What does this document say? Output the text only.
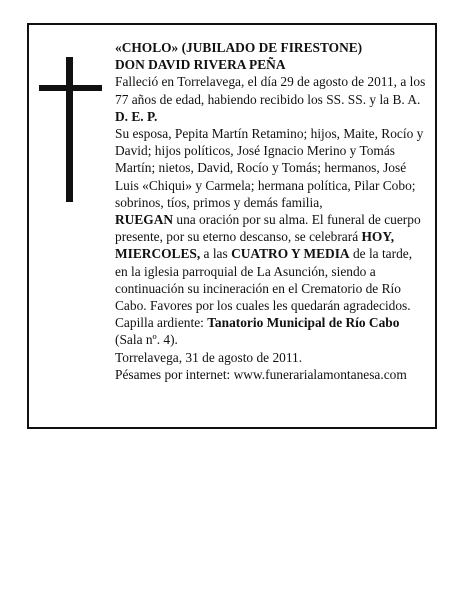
«CHOLO» (JUBILADO DE FIRESTONE)

DON DAVID RIVERA PEÑA

Falleció en Torrelavega, el día 29 de agosto de 2011, a los

77 años de edad, habiendo recibido los SS. SS. y la B. A.

D. E. P.

Su esposa, Pepita Martín Retamino; hijos, Maite, Rocío y David; hijos políticos, José Ignacio Merino y Tomás Martín; nietos, David, Rocío y Tomás; hermanos, José Luis «Chiqui» y Carmela; hermana política, Pilar Cobo; sobrinos, tíos, primos y demás familia,

RUEGAN una oración por su alma. El funeral de cuerpo presente, por su eterno descanso, se celebrará HOY, MIERCOLES, a las CUATRO Y MEDIA de la tarde, en la iglesia parroquial de La Asunción, siendo a continuación su incineración en el Crematorio de Río Cabo. Favores por los cuales les quedarán agradecidos.

Capilla ardiente: Tanatorio Municipal de Río Cabo (Sala nº. 4).

Torrelavega, 31 de agosto de 2011.

Pésames por internet: www.funerarialamontanesa.com
